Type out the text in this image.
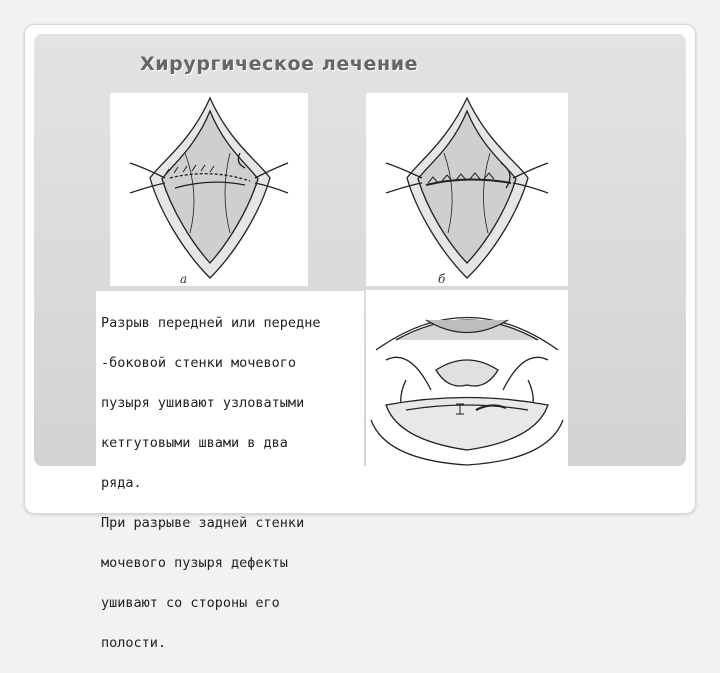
Хирургическое лечение
a	б

Разрыв передней или передне

-боковой стенки мочевого

пузыря ушивают узловатыми

кетгутовыми швами в два

ряда.

При разрыве задней стенки

мочевого пузыря дефекты

ушивают со стороны его

полости.
